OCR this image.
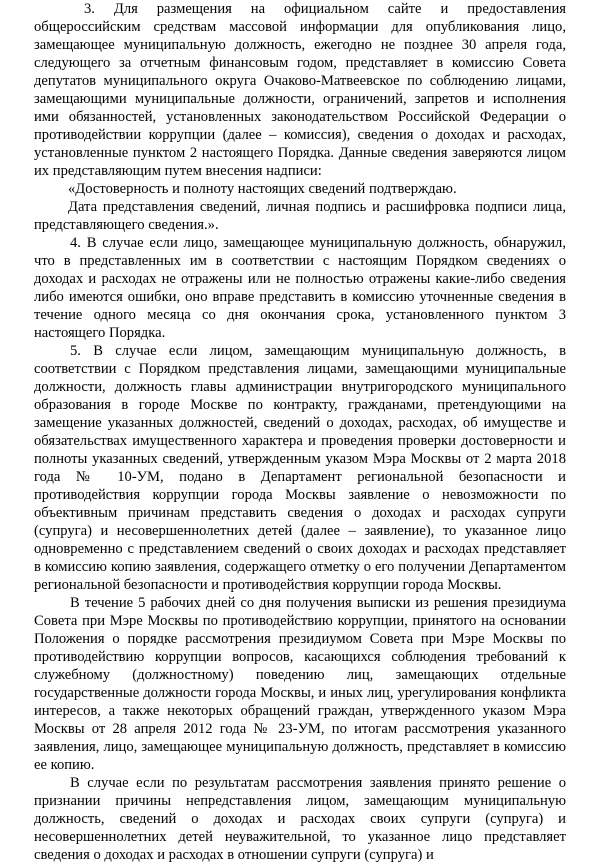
3. Для размещения на официальном сайте и предоставления общероссийским средствам массовой информации для опубликования лицо, замещающее муниципальную должность, ежегодно не позднее 30 апреля года, следующего за отчетным финансовым годом, представляет в комиссию Совета депутатов муниципального округа Очаково-Матвеевское по соблюдению лицами, замещающими муниципальные должности, ограничений, запретов и исполнения ими обязанностей, установленных законодательством Российской Федерации о противодействии коррупции (далее – комиссия), сведения о доходах и расходах, установленные пунктом 2 настоящего Порядка. Данные сведения заверяются лицом их представляющим путем внесения надписи:

«Достоверность и полноту настоящих сведений подтверждаю.

Дата представления сведений, личная подпись и расшифровка подписи лица, представляющего сведения.».

4. В случае если лицо, замещающее муниципальную должность, обнаружил, что в представленных им в соответствии с настоящим Порядком сведениях о доходах и расходах не отражены или не полностью отражены какие-либо сведения либо имеются ошибки, оно вправе представить в комиссию уточненные сведения в течение одного месяца со дня окончания срока, установленного пунктом 3 настоящего Порядка.

5. В случае если лицом, замещающим муниципальную должность, в соответствии с Порядком представления лицами, замещающими муниципальные должности, должность главы администрации внутригородского муниципального образования в городе Москве по контракту, гражданами, претендующими на замещение указанных должностей, сведений о доходах, расходах, об имуществе и обязательствах имущественного характера и проведения проверки достоверности и полноты указанных сведений, утвержденным указом Мэра Москвы от 2 марта 2018 года № 10-УМ, подано в Департамент региональной безопасности и противодействия коррупции города Москвы заявление о невозможности по объективным причинам представить сведения о доходах и расходах супруги (супруга) и несовершеннолетних детей (далее – заявление), то указанное лицо одновременно с представлением сведений о своих доходах и расходах представляет в комиссию копию заявления, содержащего отметку о его получении Департаментом региональной безопасности и противодействия коррупции города Москвы.

В течение 5 рабочих дней со дня получения выписки из решения президиума Совета при Мэре Москвы по противодействию коррупции, принятого на основании Положения о порядке рассмотрения президиумом Совета при Мэре Москвы по противодействию коррупции вопросов, касающихся соблюдения требований к служебному (должностному) поведению лиц, замещающих отдельные государственные должности города Москвы, и иных лиц, урегулирования конфликта интересов, а также некоторых обращений граждан, утвержденного указом Мэра Москвы от 28 апреля 2012 года № 23-УМ, по итогам рассмотрения указанного заявления, лицо, замещающее муниципальную должность, представляет в комиссию ее копию.

В случае если по результатам рассмотрения заявления принято решение о признании причины непредставления лицом, замещающим муниципальную должность, сведений о доходах и расходах своих супруги (супруга) и несовершеннолетних детей неуважительной, то указанное лицо представляет сведения о доходах и расходах в отношении супруги (супруга) и
